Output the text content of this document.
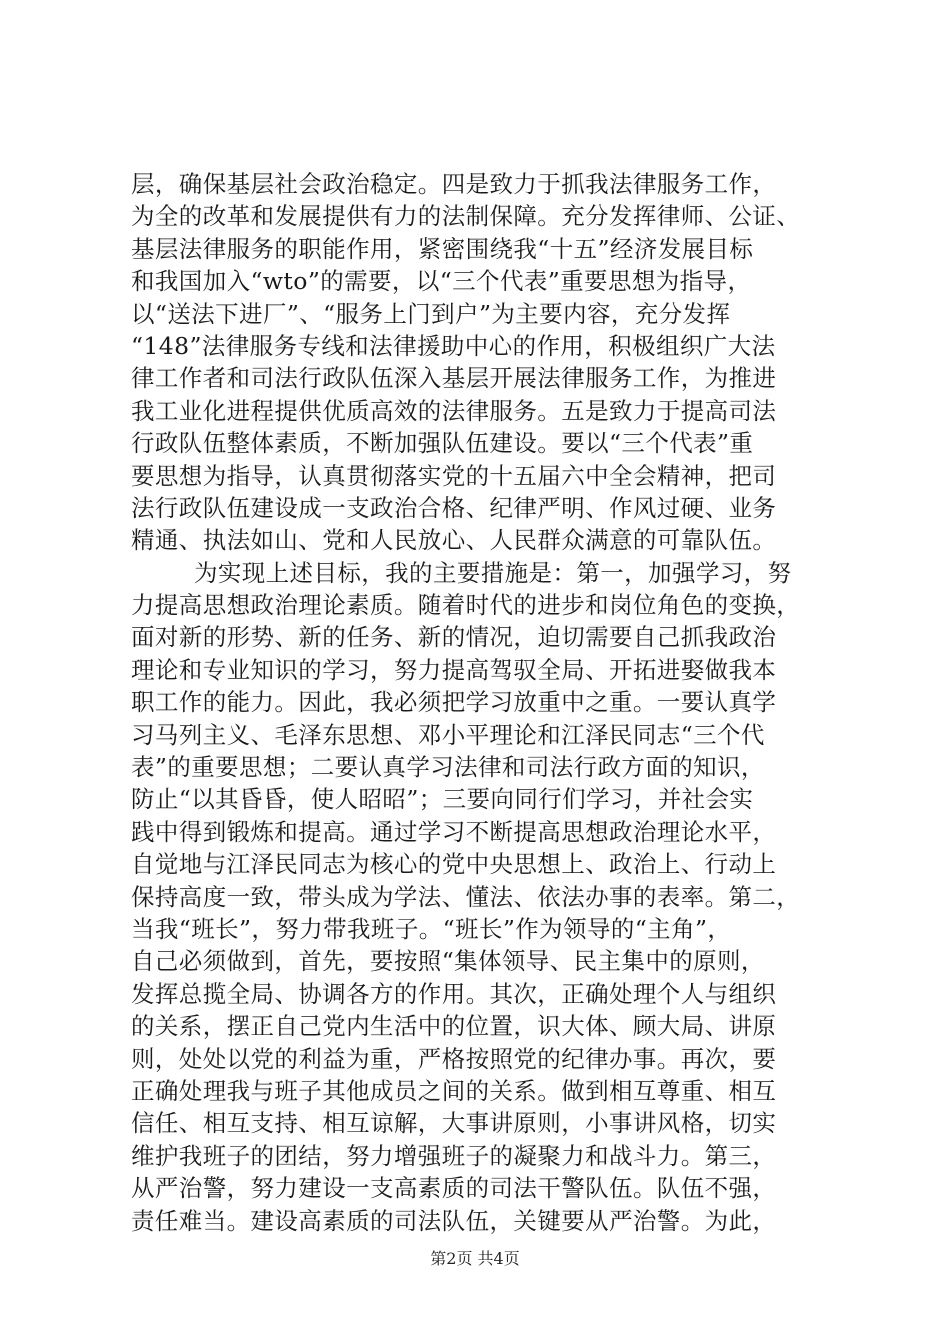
层，确保基层社会政治稳定。四是致力于抓我法律服务工作，
为全的改革和发展提供有力的法制保障。充分发挥律师、公证、
基层法律服务的职能作用，紧密围绕我“十五”经济发展目标
和我国加入“wto”的需要，以“三个代表”重要思想为指导，
以“送法下进厂”、“服务上门到户”为主要内容，充分发挥
“148”法律服务专线和法律援助中心的作用，积极组织广大法
律工作者和司法行政队伍深入基层开展法律服务工作，为推进
我工业化进程提供优质高效的法律服务。五是致力于提高司法
行政队伍整体素质，不断加强队伍建设。要以“三个代表”重
要思想为指导，认真贯彻落实党的十五届六中全会精神，把司
法行政队伍建设成一支政治合格、纪律严明、作风过硬、业务
精通、执法如山、党和人民放心、人民群众满意的可靠队伍。
为实现上述目标，我的主要措施是：第一，加强学习，努
力提高思想政治理论素质。随着时代的进步和岗位角色的变换，
面对新的形势、新的任务、新的情况，迫切需要自己抓我政治
理论和专业知识的学习，努力提高驾驭全局、开拓进娶做我本
职工作的能力。因此，我必须把学习放重中之重。一要认真学
习马列主义、毛泽东思想、邓小平理论和江泽民同志“三个代
表”的重要思想；二要认真学习法律和司法行政方面的知识，
防止“以其昏昏，使人昭昭”；三要向同行们学习，并社会实
践中得到锻炼和提高。通过学习不断提高思想政治理论水平，
自觉地与江泽民同志为核心的党中央思想上、政治上、行动上
保持高度一致，带头成为学法、懂法、依法办事的表率。第二，
当我“班长”，努力带我班子。“班长”作为领导的“主角”，
自己必须做到，首先，要按照“集体领导、民主集中的原则，
发挥总揽全局、协调各方的作用。其次，正确处理个人与组织
的关系，摆正自己党内生活中的位置，识大体、顾大局、讲原
则，处处以党的利益为重，严格按照党的纪律办事。再次，要
正确处理我与班子其他成员之间的关系。做到相互尊重、相互
信任、相互支持、相互谅解，大事讲原则，小事讲风格，切实
维护我班子的团结，努力增强班子的凝聚力和战斗力。第三，
从严治警，努力建设一支高素质的司法干警队伍。队伍不强，
责任难当。建设高素质的司法队伍，关键要从严治警。为此，
第2页 共4页
